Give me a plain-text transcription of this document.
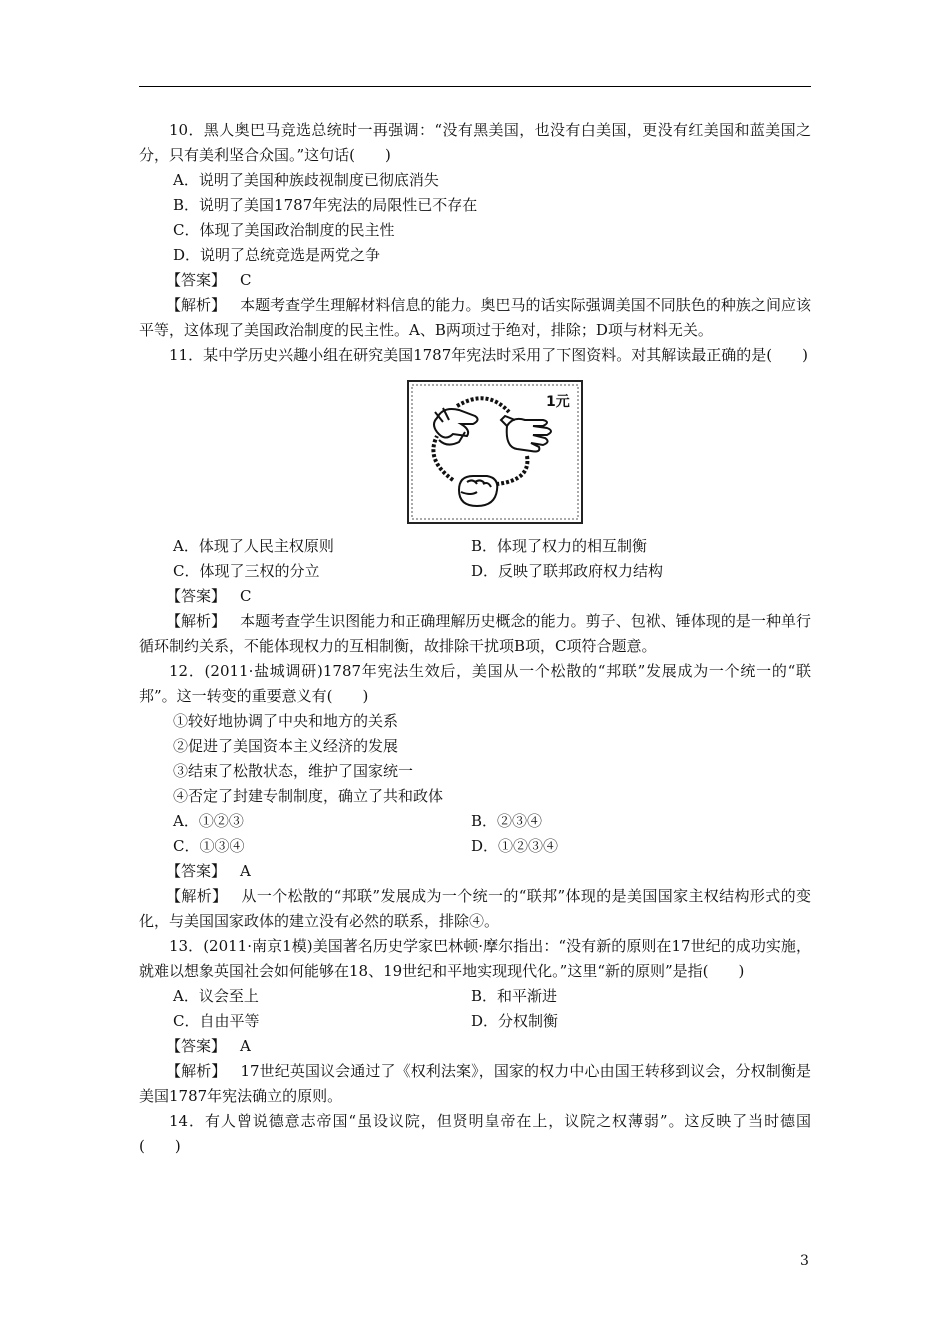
10．黑人奥巴马竞选总统时一再强调：“没有黑美国，也没有白美国，更没有红美国和蓝美国之分，只有美利坚合众国。”这句话(　　)

A．说明了美国种族歧视制度已彻底消失

B．说明了美国1787年宪法的局限性已不存在

C．体现了美国政治制度的民主性

D．说明了总统竞选是两党之争

【答案】 C

【解析】 本题考查学生理解材料信息的能力。奥巴马的话实际强调美国不同肤色的种族之间应该平等，这体现了美国政治制度的民主性。A、B两项过于绝对，排除；D项与材料无关。

11．某中学历史兴趣小组在研究美国1787年宪法时采用了下图资料。对其解读最正确的是(　　)

1元
A．体现了人民主权原则	B．体现了权力的相互制衡
C．体现了三权的分立	D．反映了联邦政府权力结构

【答案】 C

【解析】 本题考查学生识图能力和正确理解历史概念的能力。剪子、包袱、锤体现的是一种单行循环制约关系，不能体现权力的互相制衡，故排除干扰项B项，C项符合题意。

12．(2011·盐城调研)1787年宪法生效后，美国从一个松散的“邦联”发展成为一个统一的“联邦”。这一转变的重要意义有(　　)

①较好地协调了中央和地方的关系

②促进了美国资本主义经济的发展

③结束了松散状态，维护了国家统一

④否定了封建专制制度，确立了共和政体

A．①②③	B．②③④
C．①③④	D．①②③④

【答案】 A

【解析】 从一个松散的“邦联”发展成为一个统一的“联邦”体现的是美国国家主权结构形式的变化，与美国国家政体的建立没有必然的联系，排除④。

13．(2011·南京1模)美国著名历史学家巴林顿·摩尔指出：“没有新的原则在17世纪的成功实施，就难以想象英国社会如何能够在18、19世纪和平地实现现代化。”这里“新的原则”是指(　　)

A．议会至上	B．和平渐进
C．自由平等	D．分权制衡

【答案】 A

【解析】 17世纪英国议会通过了《权利法案》，国家的权力中心由国王转移到议会，分权制衡是美国1787年宪法确立的原则。

14．有人曾说德意志帝国“虽设议院，但贤明皇帝在上，议院之权薄弱”。这反映了当时德国(　　)

3
